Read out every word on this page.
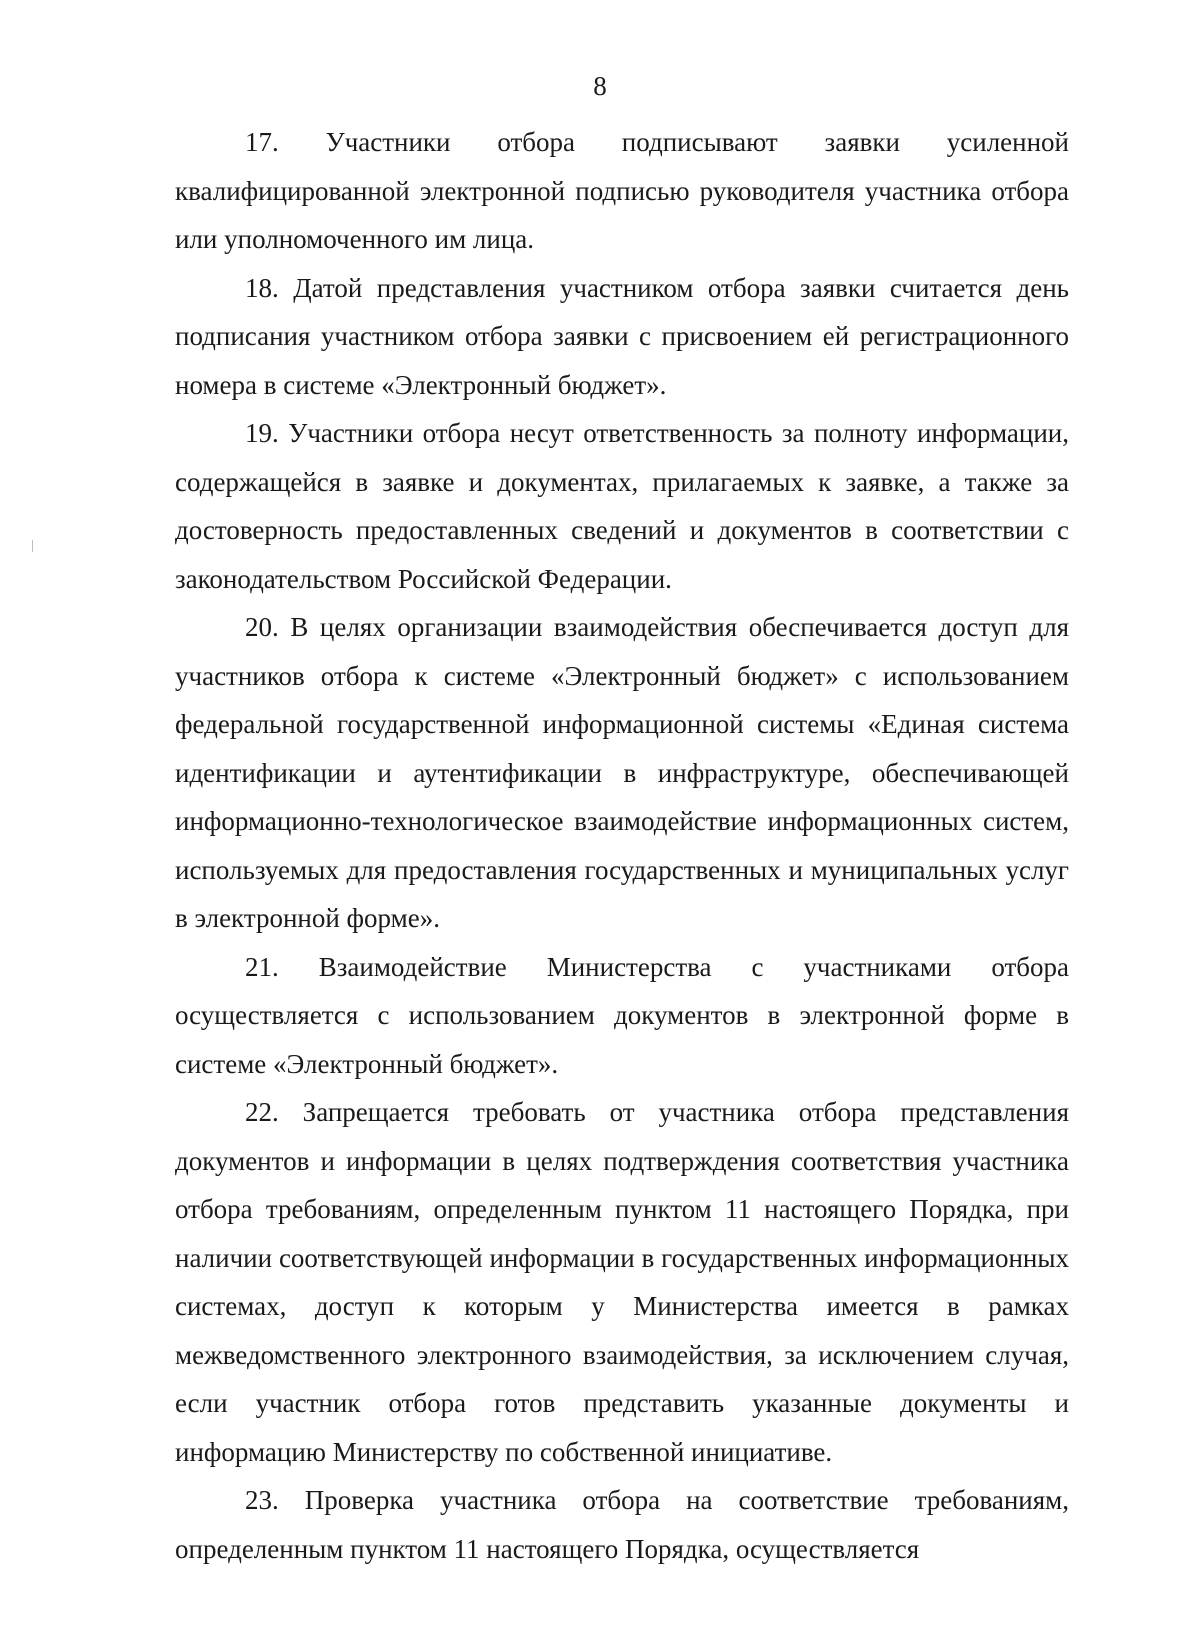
8

17. Участники отбора подписывают заявки усиленной квалифицированной электронной подписью руководителя участника отбора или уполномоченного им лица.

18. Датой представления участником отбора заявки считается день подписания участником отбора заявки с присвоением ей регистрационного номера в системе «Электронный бюджет».

19. Участники отбора несут ответственность за полноту информации, содержащейся в заявке и документах, прилагаемых к заявке, а также за достоверность предоставленных сведений и документов в соответствии с законодательством Российской Федерации.

20. В целях организации взаимодействия обеспечивается доступ для участников отбора к системе «Электронный бюджет» с использованием федеральной государственной информационной системы «Единая система идентификации и аутентификации в инфраструктуре, обеспечивающей информационно-технологическое взаимодействие информационных систем, используемых для предоставления государственных и муниципальных услуг в электронной форме».

21. Взаимодействие Министерства с участниками отбора осуществляется с использованием документов в электронной форме в системе «Электронный бюджет».

22. Запрещается требовать от участника отбора представления документов и информации в целях подтверждения соответствия участника отбора требованиям, определенным пунктом 11 настоящего Порядка, при наличии соответствующей информации в государственных информационных системах, доступ к которым у Министерства имеется в рамках межведомственного электронного взаимодействия, за исключением случая, если участник отбора готов представить указанные документы и информацию Министерству по собственной инициативе.

23. Проверка участника отбора на соответствие требованиям, определенным пунктом 11 настоящего Порядка, осуществляется
